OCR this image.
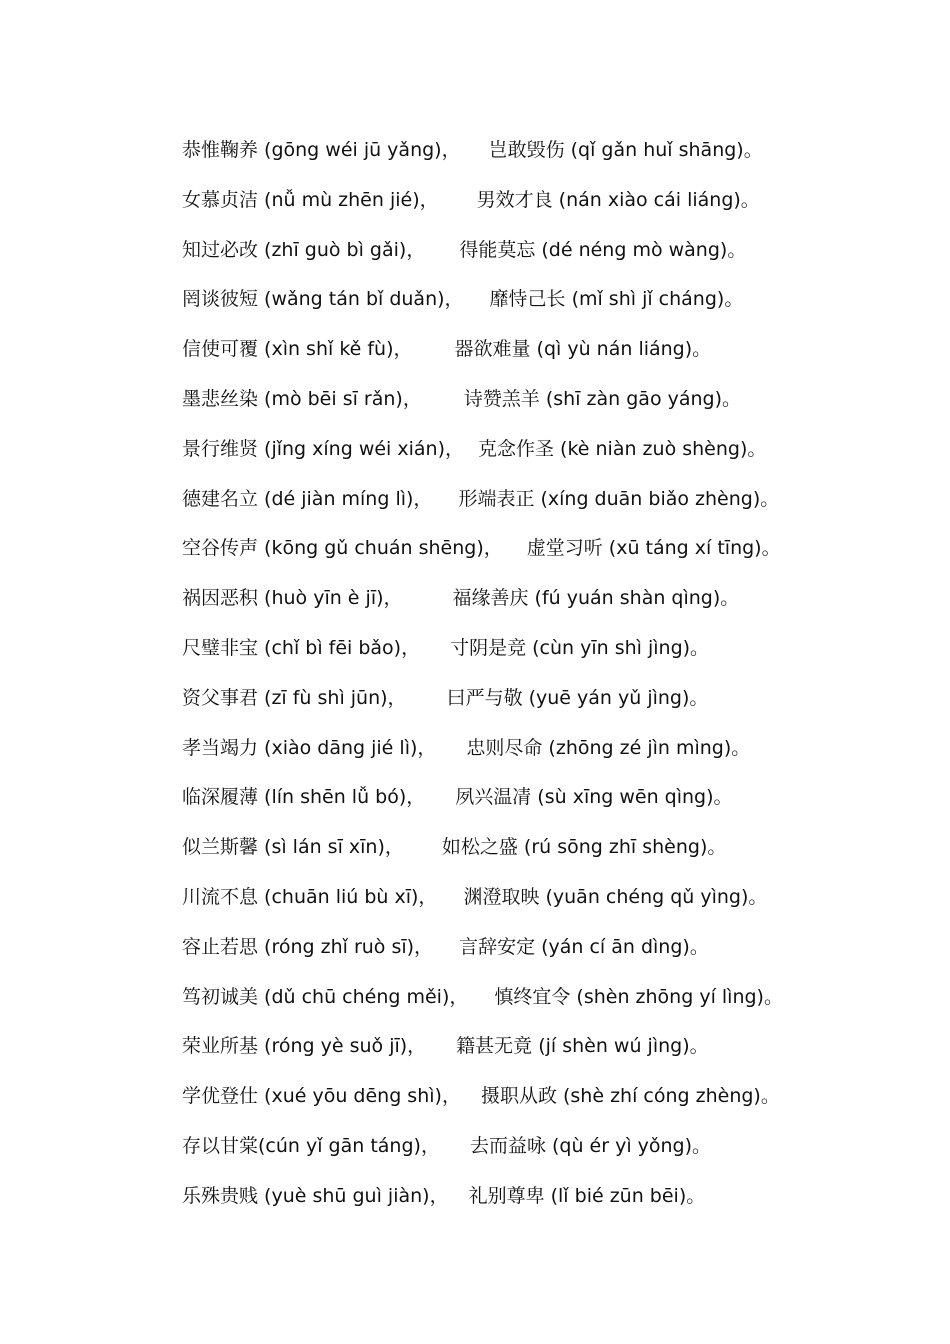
恭惟鞠养 (gōng wéi jū yǎng)， 岂敢毁伤 (qǐ gǎn huǐ shāng)。
女慕贞洁 (nǚ mù zhēn jié)， 男效才良 (nán xiào cái liáng)。
知过必改 (zhī guò bì gǎi)， 得能莫忘 (dé néng mò wàng)。
罔谈彼短 (wǎng tán bǐ duǎn)， 靡恃己长 (mǐ shì jǐ cháng)。
信使可覆 (xìn shǐ kě fù)， 器欲难量 (qì yù nán liáng)。
墨悲丝染 (mò bēi sī rǎn)， 诗赞羔羊 (shī zàn gāo yáng)。
景行维贤 (jǐng xíng wéi xián)， 克念作圣 (kè niàn zuò shèng)。
德建名立 (dé jiàn míng lì)， 形端表正 (xíng duān biǎo zhèng)。
空谷传声 (kōng gǔ chuán shēng)， 虚堂习听 (xū táng xí tīng)。
祸因恶积 (huò yīn è jī)，	福缘善庆 (fú yuán shàn qìng)。
尺璧非宝 (chǐ bì fēi bǎo)， 寸阴是竞 (cùn yīn shì jìng)。
资父事君 (zī fù shì jūn)， 曰严与敬 (yuē yán yǔ jìng)。
孝当竭力 (xiào dāng jié lì)， 忠则尽命 (zhōng zé jìn mìng)。
临深履薄 (lín shēn lǚ bó)， 夙兴温凊 (sù xīng wēn qìng)。
似兰斯馨 (sì lán sī xīn)， 如松之盛 (rú sōng zhī shèng)。
川流不息 (chuān liú bù xī)， 渊澄取映 (yuān chéng qǔ yìng)。
容止若思 (róng zhǐ ruò sī)， 言辞安定 (yán cí ān dìng)。
笃初诚美 (dǔ chū chéng měi)， 慎终宜令 (shèn zhōng yí lìng)。
荣业所基 (róng yè suǒ jī)， 籍甚无竟 (jí shèn wú jìng)。
学优登仕 (xué yōu dēng shì)， 摄职从政 (shè zhí cóng zhèng)。
存以甘棠(cún yǐ gān táng)， 去而益咏 (qù ér yì yǒng)。
乐殊贵贱 (yuè shū guì jiàn)， 礼别尊卑 (lǐ bié zūn bēi)。
